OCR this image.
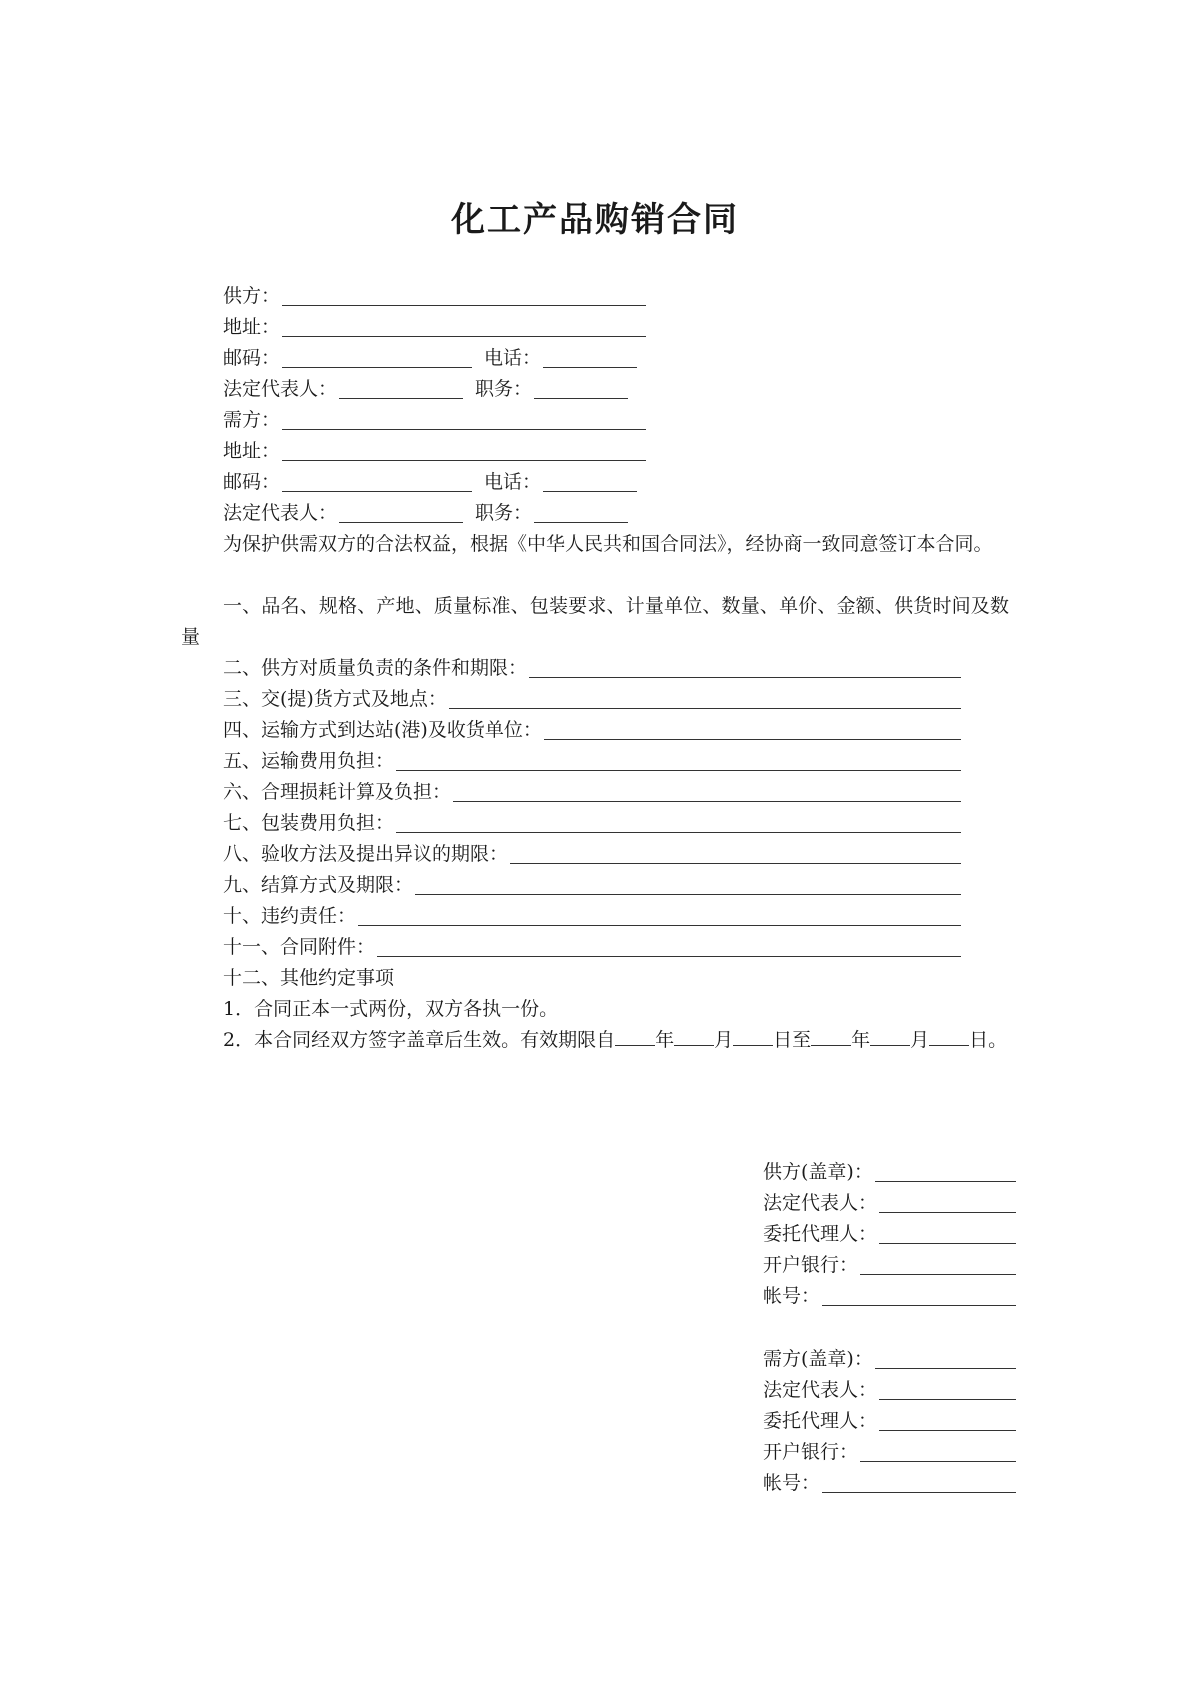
化工产品购销合同
供方：
地址：
邮码：	电话：
法定代表人：	职务：
需方：
地址：
邮码：	电话：
法定代表人：	职务：

为保护供需双方的合法权益，根据《中华人民共和国合同法》，经协商一致同意签订本合同。

一、品名、规格、产地、质量标准、包装要求、计量单位、数量、单价、金额、供货时间及数量

二、供方对质量负责的条件和期限：
三、交(提)货方式及地点：
四、运输方式到达站(港)及收货单位：
五、运输费用负担：
六、合理损耗计算及负担：
七、包装费用负担：
八、验收方法及提出异议的期限：
九、结算方式及期限：
十、违约责任：
十一、合同附件：
十二、其他约定事项
1．合同正本一式两份，双方各执一份。

2．本合同经双方签字盖章后生效。有效期限自 年 月 日至 年 月 日。

供方(盖章)：
法定代表人：
委托代理人：
开户银行：
帐号：
需方(盖章)：
法定代表人：
委托代理人：
开户银行：
帐号：
